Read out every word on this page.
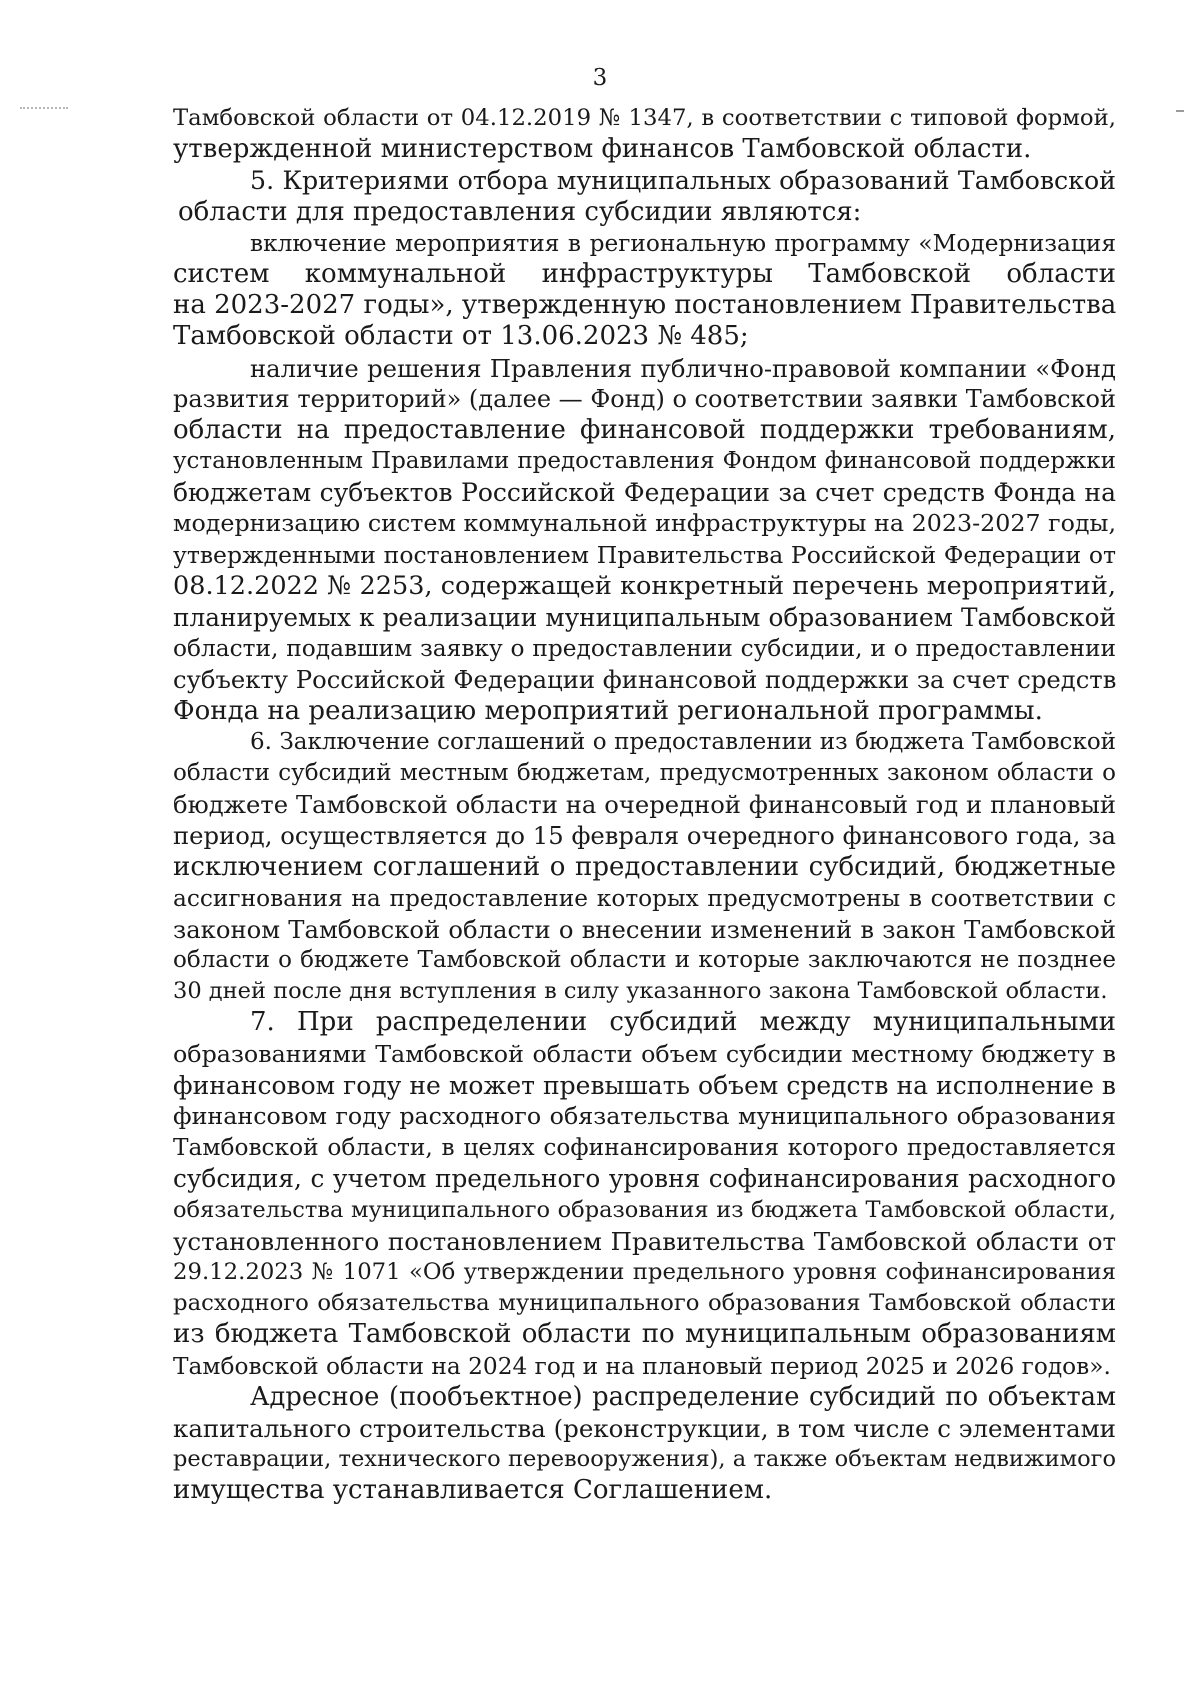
3
Тамбовской области от 04.12.2019 № 1347, в соответствии с типовой формой,
утвержденной министерством финансов Тамбовской области.
5. Критериями отбора муниципальных образований Тамбовской
области для предоставления субсидии являются:
включение мероприятия в региональную программу «Модернизация
систем коммунальной инфраструктуры Тамбовской области
на 2023-2027 годы», утвержденную постановлением Правительства
Тамбовской области от 13.06.2023 № 485;
наличие решения Правления публично-правовой компании «Фонд
развития территорий» (далее — Фонд) о соответствии заявки Тамбовской
области на предоставление финансовой поддержки требованиям,
установленным Правилами предоставления Фондом финансовой поддержки
бюджетам субъектов Российской Федерации за счет средств Фонда на
модернизацию систем коммунальной инфраструктуры на 2023-2027 годы,
утвержденными постановлением Правительства Российской Федерации от
08.12.2022 № 2253, содержащей конкретный перечень мероприятий,
планируемых к реализации муниципальным образованием Тамбовской
области, подавшим заявку о предоставлении субсидии, и о предоставлении
субъекту Российской Федерации финансовой поддержки за счет средств
Фонда на реализацию мероприятий региональной программы.
6. Заключение соглашений о предоставлении из бюджета Тамбовской
области субсидий местным бюджетам, предусмотренных законом области о
бюджете Тамбовской области на очередной финансовый год и плановый
период, осуществляется до 15 февраля очередного финансового года, за
исключением соглашений о предоставлении субсидий, бюджетные
ассигнования на предоставление которых предусмотрены в соответствии с
законом Тамбовской области о внесении изменений в закон Тамбовской
области о бюджете Тамбовской области и которые заключаются не позднее
30 дней после дня вступления в силу указанного закона Тамбовской области.
7. При распределении субсидий между муниципальными
образованиями Тамбовской области объем субсидии местному бюджету в
финансовом году не может превышать объем средств на исполнение в
финансовом году расходного обязательства муниципального образования
Тамбовской области, в целях софинансирования которого предоставляется
субсидия, с учетом предельного уровня софинансирования расходного
обязательства муниципального образования из бюджета Тамбовской области,
установленного постановлением Правительства Тамбовской области от
29.12.2023 № 1071 «Об утверждении предельного уровня софинансирования
расходного обязательства муниципального образования Тамбовской области
из бюджета Тамбовской области по муниципальным образованиям
Тамбовской области на 2024 год и на плановый период 2025 и 2026 годов».
Адресное (пообъектное) распределение субсидий по объектам
капитального строительства (реконструкции, в том числе с элементами
реставрации, технического перевооружения), а также объектам недвижимого
имущества устанавливается Соглашением.
